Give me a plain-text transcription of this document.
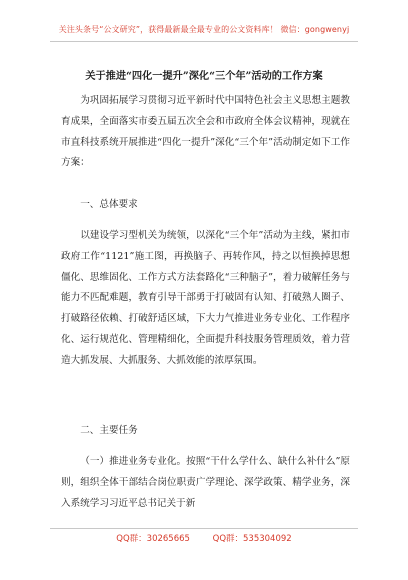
关注头条号“公文研究”，获得最新最全最专业的公文资料库！ 微信：gongwenyj
关于推进“四化一提升”深化“三个年”活动的工作方案
为巩固拓展学习贯彻习近平新时代中国特色社会主义思想主题教育成果，全面落实市委五届五次全会和市政府全体会议精神，现就在市直科技系统开展推进“四化一提升”深化“三个年”活动制定如下工作方案：
一、总体要求
以建设学习型机关为统领，以深化“三个年”活动为主线，紧扣市政府工作“1121”施工图，再换脑子、再转作风，持之以恒换掉思想僵化、思维固化、工作方式方法套路化“三种脑子”，着力破解任务与能力不匹配难题，教育引导干部勇于打破固有认知、打破熟人圈子、打破路径依赖、打破舒适区域，下大力气推进业务专业化、工作程序化、运行规范化、管理精细化，全面提升科技服务管理质效，着力营造大抓发展、大抓服务、大抓效能的浓厚氛围。
二、主要任务
（一）推进业务专业化。按照“干什么学什么、缺什么补什么”原则，组织全体干部结合岗位职责广学理论、深学政策、精学业务，深入系统学习习近平总书记关于新
QQ群：30265665	QQ群：535304092
